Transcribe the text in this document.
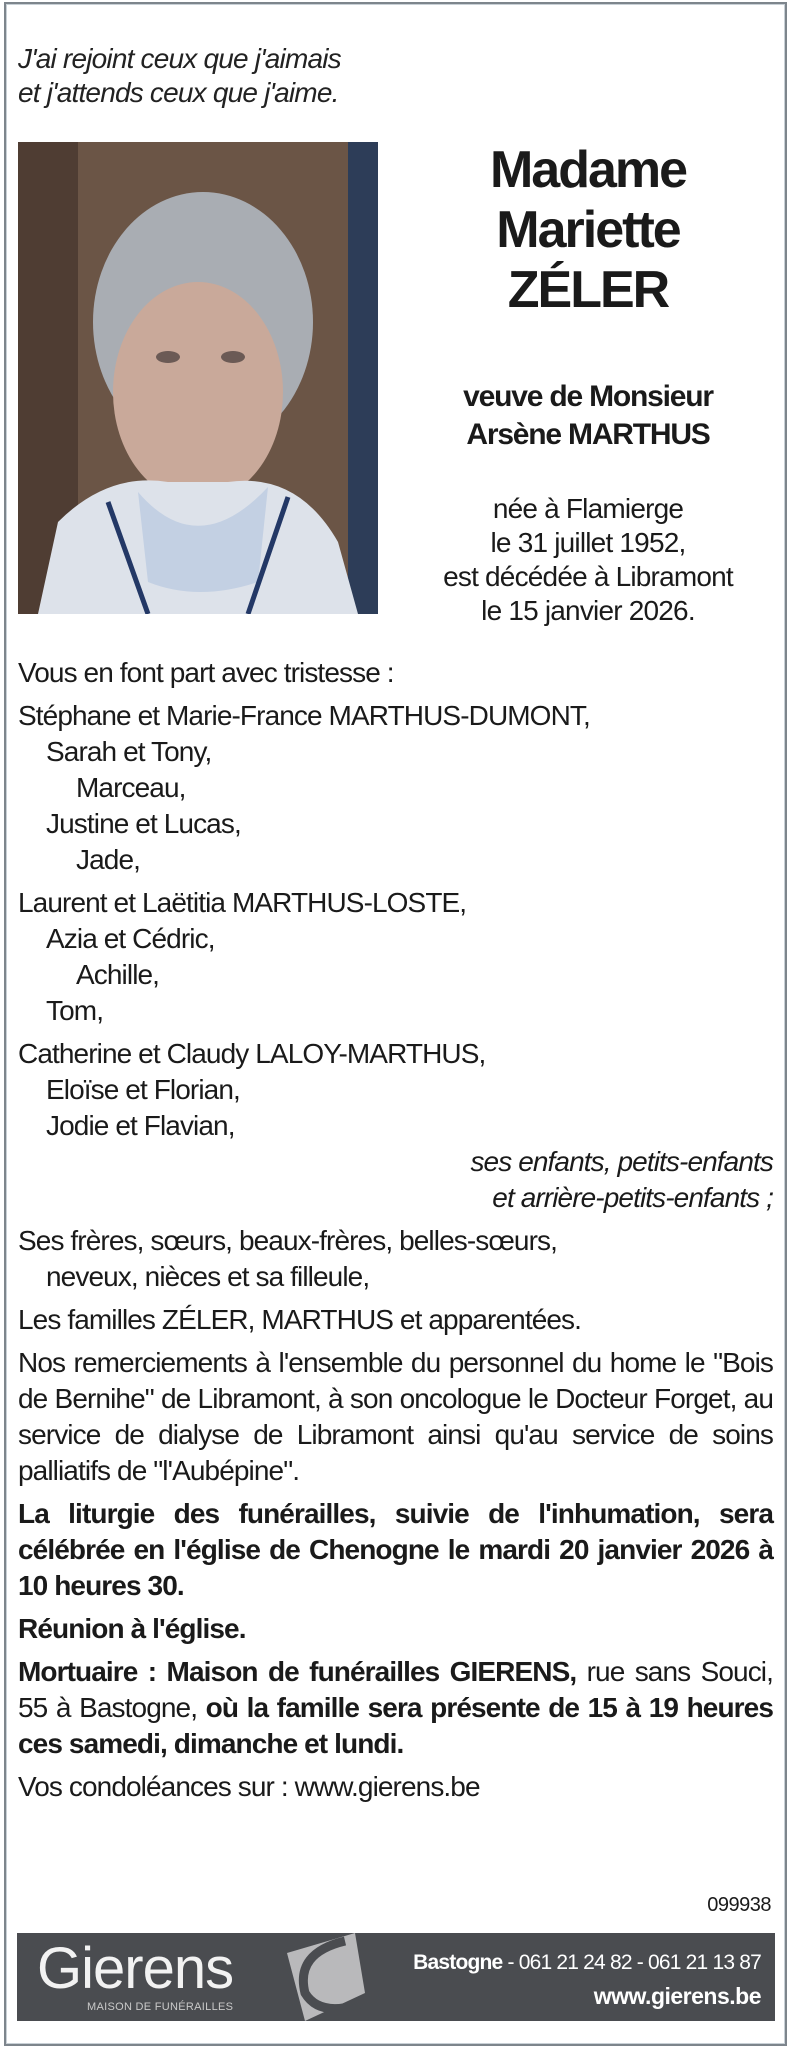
J'ai rejoint ceux que j'aimais
et j'attends ceux que j'aime.
Madame
Mariette
ZÉLER
veuve de Monsieur
Arsène MARTHUS
née à Flamierge
le 31 juillet 1952,
est décédée à Libramont
le 15 janvier 2026.

Vous en font part avec tristesse :

Stéphane et Marie-France MARTHUS-DUMONT,

Sarah et Tony,

Marceau,

Justine et Lucas,

Jade,

Laurent et Laëtitia MARTHUS-LOSTE,

Azia et Cédric,

Achille,

Tom,

Catherine et Claudy LALOY-MARTHUS,

Eloïse et Florian,

Jodie et Flavian,

ses enfants, petits-enfants

et arrière-petits-enfants ;

Ses frères, sœurs, beaux-frères, belles-sœurs,

neveux, nièces et sa filleule,

Les familles ZÉLER, MARTHUS et apparentées.

Nos remerciements à l'ensemble du personnel du home le "Bois de Bernihe" de Libramont, à son oncologue le Docteur Forget, au service de dialyse de Libramont ainsi qu'au service de soins palliatifs de "l'Aubépine".

La liturgie des funérailles, suivie de l'inhumation, sera célébrée en l'église de Chenogne le mardi 20 janvier 2026 à 10 heures 30.

Réunion à l'église.

Mortuaire : Maison de funérailles GIERENS, rue sans Souci, 55 à Bastogne, où la famille sera présente de 15 à 19 heures ces samedi, dimanche et lundi.

Vos condoléances sur : www.gierens.be

099938
Gierens
MAISON DE FUNÉRAILLES
Bastogne - 061 21 24 82 - 061 21 13 87
www.gierens.be
